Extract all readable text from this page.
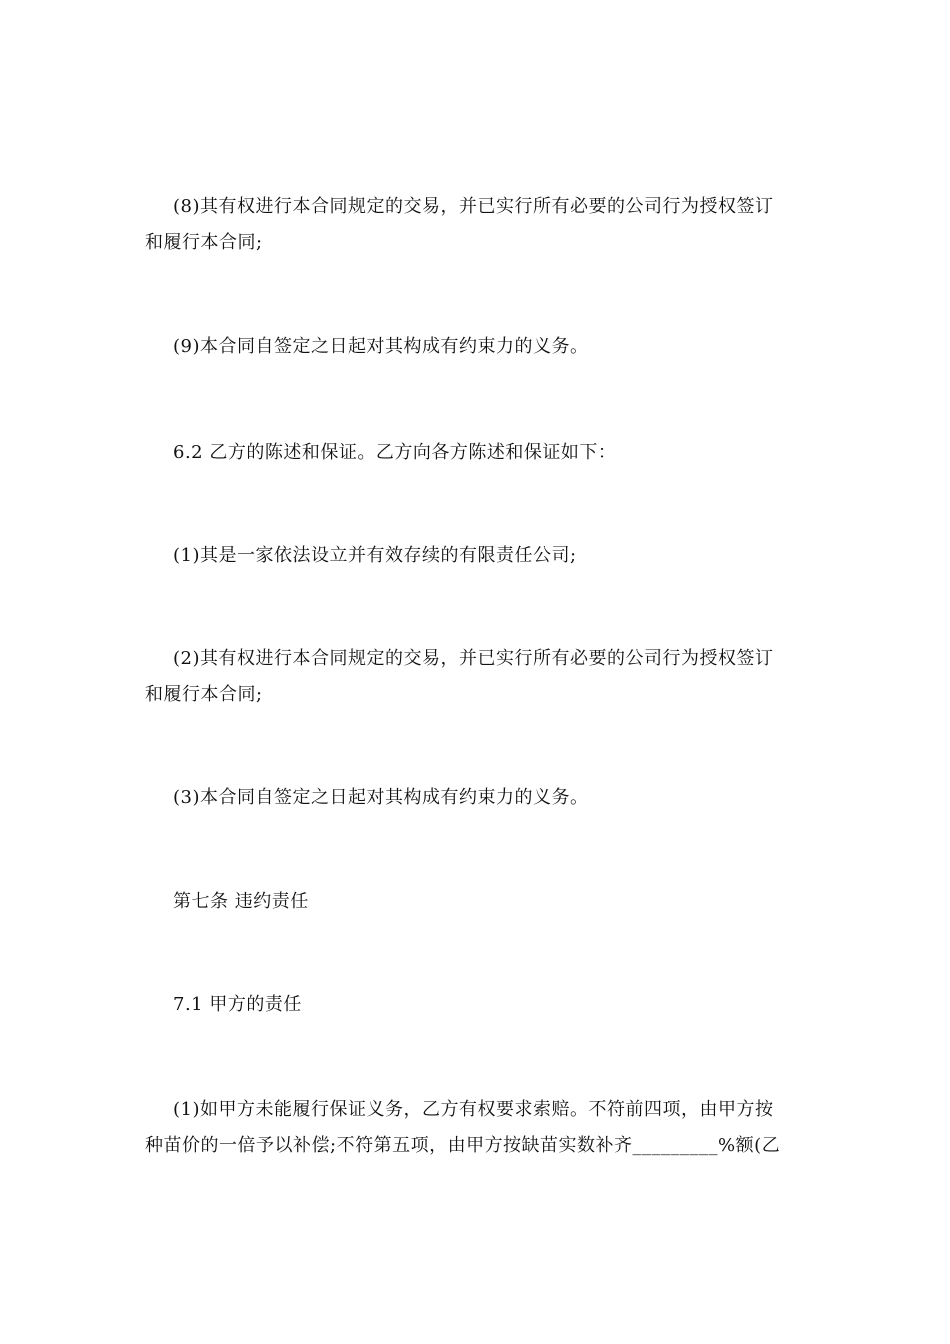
(8)其有权进行本合同规定的交易，并已实行所有必要的公司行为授权签订
和履行本合同;

(9)本合同自签定之日起对其构成有约束力的义务。

6.2 乙方的陈述和保证。乙方向各方陈述和保证如下：

(1)其是一家依法设立并有效存续的有限责任公司;

(2)其有权进行本合同规定的交易，并已实行所有必要的公司行为授权签订
和履行本合同;

(3)本合同自签定之日起对其构成有约束力的义务。

第七条 违约责任

7.1 甲方的责任

(1)如甲方未能履行保证义务，乙方有权要求索赔。不符前四项，由甲方按
种苗价的一倍予以补偿;不符第五项，由甲方按缺苗实数补齐_________%额(乙
